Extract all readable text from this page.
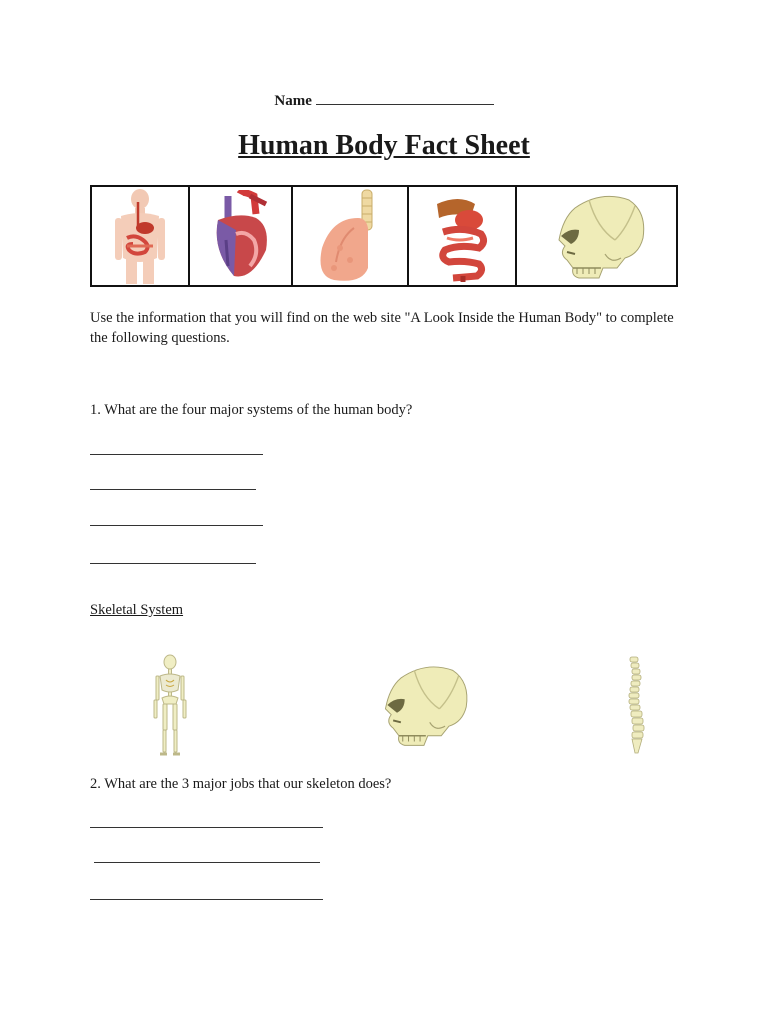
Name
Human Body Fact Sheet
Use the information that you will find on the web site "A Look Inside the Human Body" to complete the following questions.
1. What are the four major systems of the human body?
Skeletal System
2. What are the 3 major jobs that our skeleton does?
